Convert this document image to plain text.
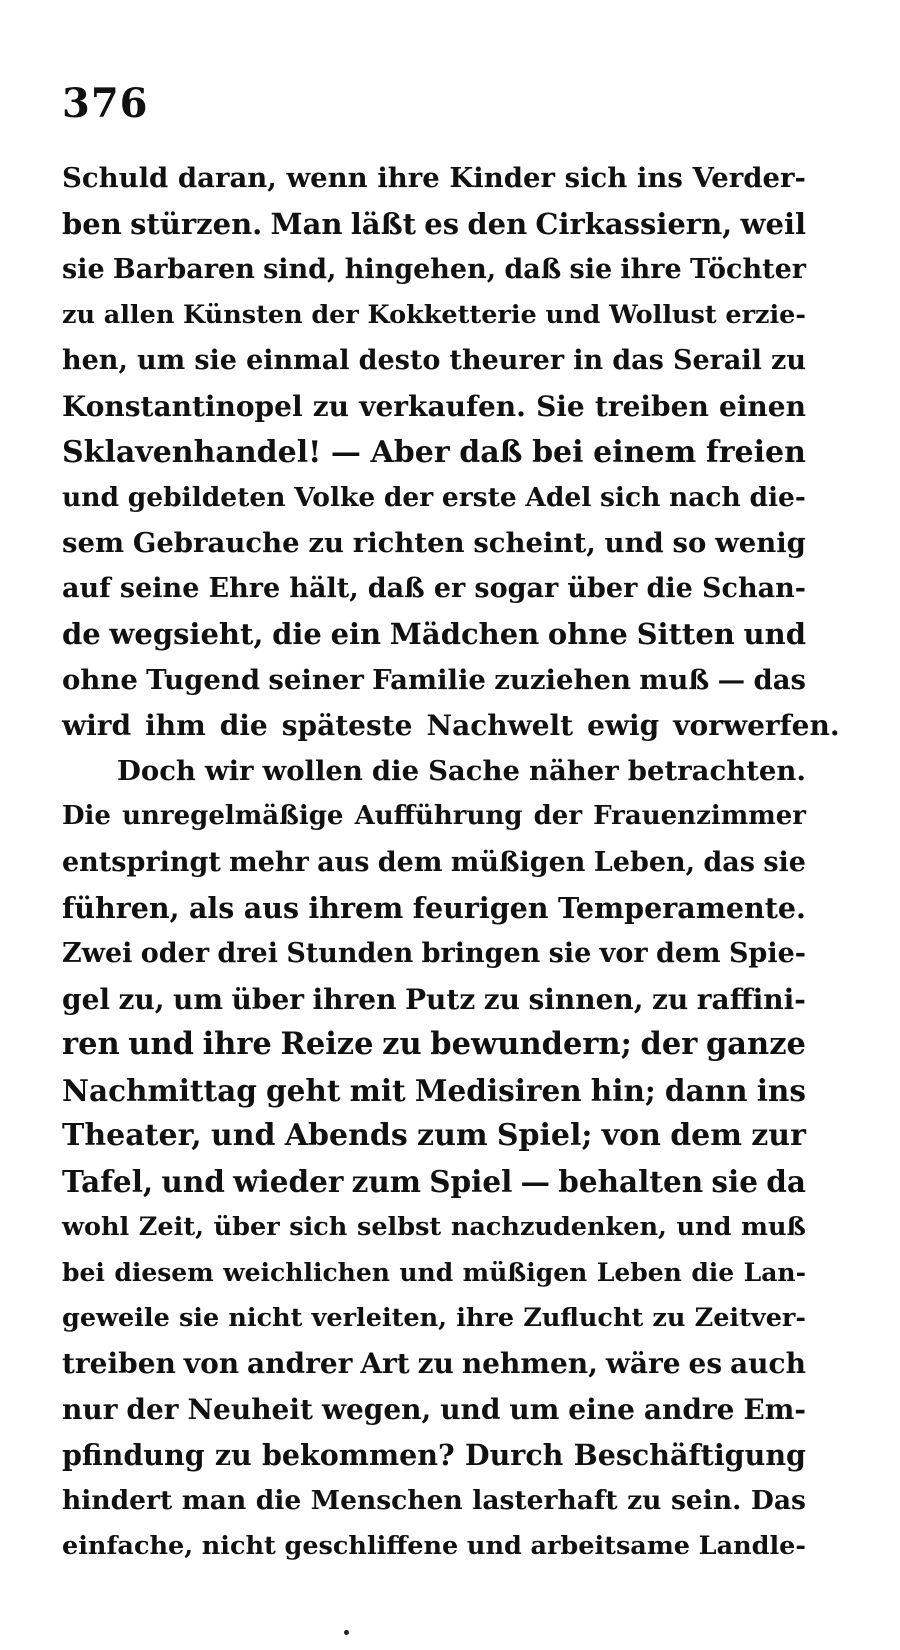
376
Schuld daran, wenn ihre Kinder sich ins Verder-
ben stürzen. Man läßt es den Cirkassiern, weil
sie Barbaren sind, hingehen, daß sie ihre Töchter
zu allen Künsten der Kokketterie und Wollust erzie-
hen, um sie einmal desto theurer in das Serail zu
Konstantinopel zu verkaufen. Sie treiben einen
Sklavenhandel! — Aber daß bei einem freien
und gebildeten Volke der erste Adel sich nach die-
sem Gebrauche zu richten scheint, und so wenig
auf seine Ehre hält, daß er sogar über die Schan-
de wegsieht, die ein Mädchen ohne Sitten und
ohne Tugend seiner Familie zuziehen muß — das
wird ihm die späteste Nachwelt ewig vorwerfen.
Doch wir wollen die Sache näher betrachten.
Die unregelmäßige Aufführung der Frauenzimmer
entspringt mehr aus dem müßigen Leben, das sie
führen, als aus ihrem feurigen Temperamente.
Zwei oder drei Stunden bringen sie vor dem Spie-
gel zu, um über ihren Putz zu sinnen, zu raffini-
ren und ihre Reize zu bewundern; der ganze
Nachmittag geht mit Medisiren hin; dann ins
Theater, und Abends zum Spiel; von dem zur
Tafel, und wieder zum Spiel — behalten sie da
wohl Zeit, über sich selbst nachzudenken, und muß
bei diesem weichlichen und müßigen Leben die Lan-
geweile sie nicht verleiten, ihre Zuflucht zu Zeitver-
treiben von andrer Art zu nehmen, wäre es auch
nur der Neuheit wegen, und um eine andre Em-
pfindung zu bekommen? Durch Beschäftigung
hindert man die Menschen lasterhaft zu sein. Das
einfache, nicht geschliffene und arbeitsame Landle-
